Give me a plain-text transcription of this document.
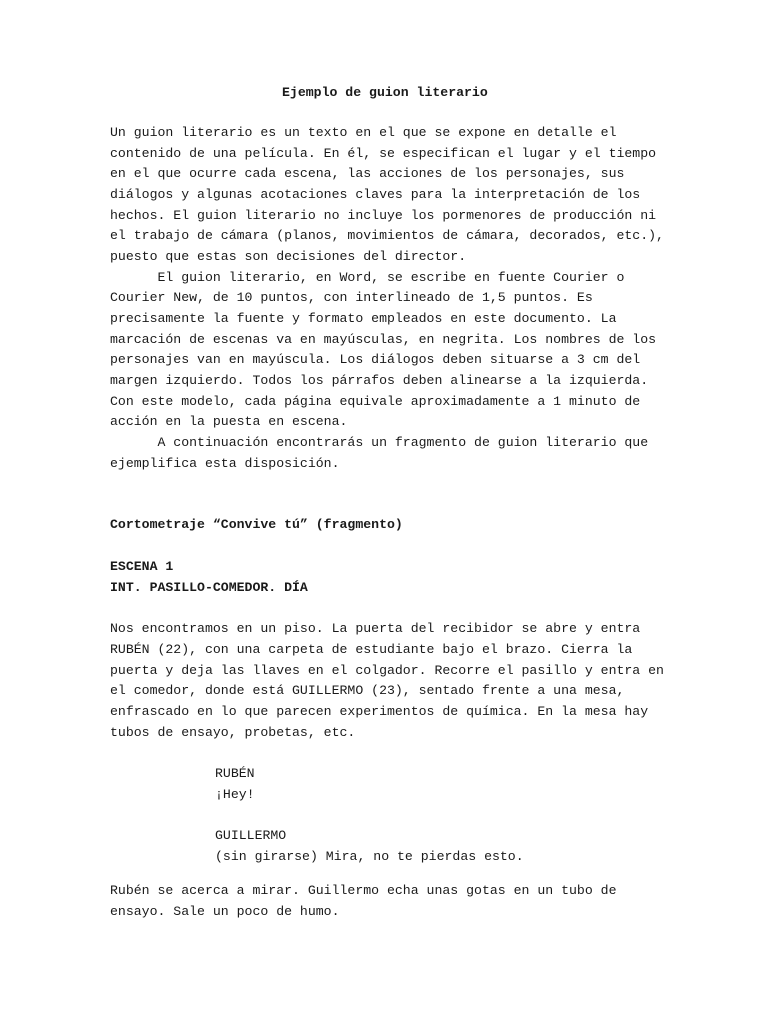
Ejemplo de guion literario
Un guion literario es un texto en el que se expone en detalle el
contenido de una película. En él, se especifican el lugar y el tiempo
en el que ocurre cada escena, las acciones de los personajes, sus
diálogos y algunas acotaciones claves para la interpretación de los
hechos. El guion literario no incluye los pormenores de producción ni
el trabajo de cámara (planos, movimientos de cámara, decorados, etc.),
puesto que estas son decisiones del director.
El guion literario, en Word, se escribe en fuente Courier o
Courier New, de 10 puntos, con interlineado de 1,5 puntos. Es
precisamente la fuente y formato empleados en este documento. La
marcación de escenas va en mayúsculas, en negrita. Los nombres de los
personajes van en mayúscula. Los diálogos deben situarse a 3 cm del
margen izquierdo. Todos los párrafos deben alinearse a la izquierda.
Con este modelo, cada página equivale aproximadamente a 1 minuto de
acción en la puesta en escena.
A continuación encontrarás un fragmento de guion literario que
ejemplifica esta disposición.
Cortometraje “Convive tú” (fragmento)
ESCENA 1
INT. PASILLO-COMEDOR. DÍA
Nos encontramos en un piso. La puerta del recibidor se abre y entra
RUBÉN (22), con una carpeta de estudiante bajo el brazo. Cierra la
puerta y deja las llaves en el colgador. Recorre el pasillo y entra en
el comedor, donde está GUILLERMO (23), sentado frente a una mesa,
enfrascado en lo que parecen experimentos de química. En la mesa hay
tubos de ensayo, probetas, etc.
RUBÉN
¡Hey!
GUILLERMO
(sin girarse) Mira, no te pierdas esto.
Rubén se acerca a mirar. Guillermo echa unas gotas en un tubo de
ensayo. Sale un poco de humo.
